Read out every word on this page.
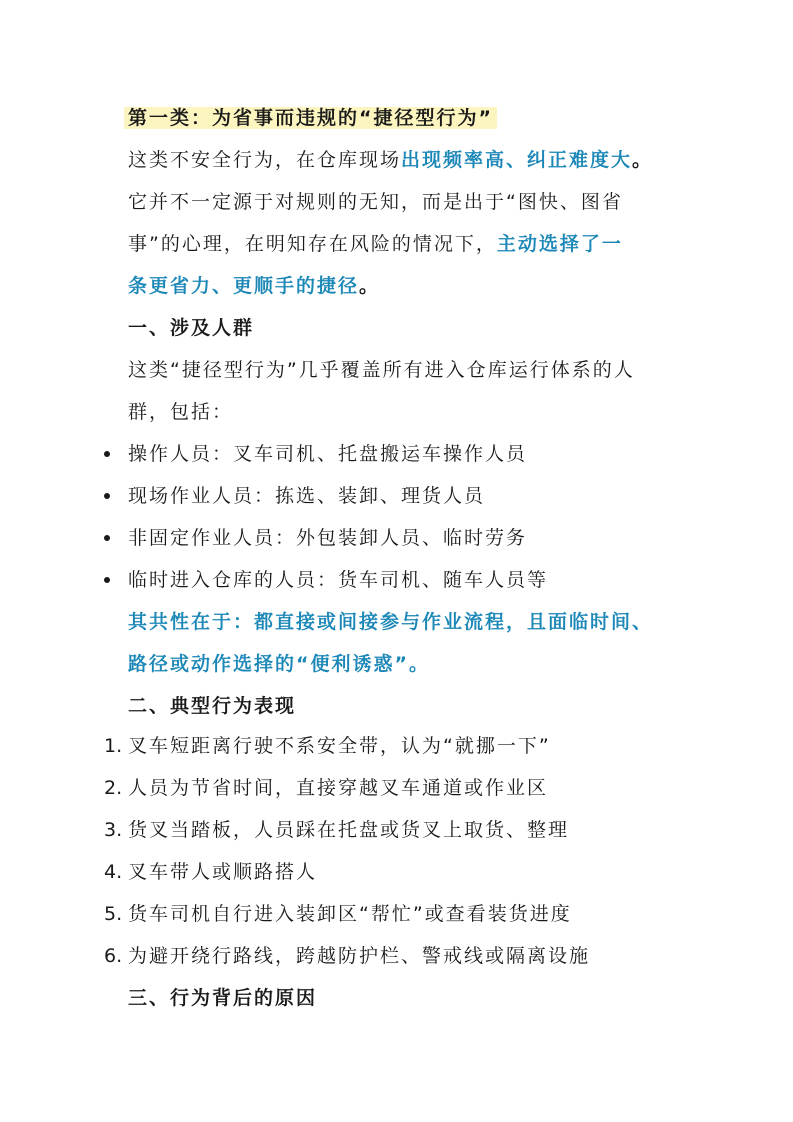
第一类：为省事而违规的“捷径型行为”
这类不安全行为，在仓库现场出现频率高、纠正难度大。
它并不一定源于对规则的无知，而是出于“图快、图省
事”的心理，在明知存在风险的情况下，主动选择了一
条更省力、更顺手的捷径。
一、涉及人群
这类“捷径型行为”几乎覆盖所有进入仓库运行体系的人
群，包括：
操作人员：叉车司机、托盘搬运车操作人员
现场作业人员：拣选、装卸、理货人员
非固定作业人员：外包装卸人员、临时劳务
临时进入仓库的人员：货车司机、随车人员等
其共性在于：都直接或间接参与作业流程，且面临时间、
路径或动作选择的“便利诱惑”。
二、典型行为表现
1. 叉车短距离行驶不系安全带，认为“就挪一下”
2. 人员为节省时间，直接穿越叉车通道或作业区
3. 货叉当踏板，人员踩在托盘或货叉上取货、整理
4. 叉车带人或顺路搭人
5. 货车司机自行进入装卸区“帮忙”或查看装货进度
6. 为避开绕行路线，跨越防护栏、警戒线或隔离设施
三、行为背后的原因
